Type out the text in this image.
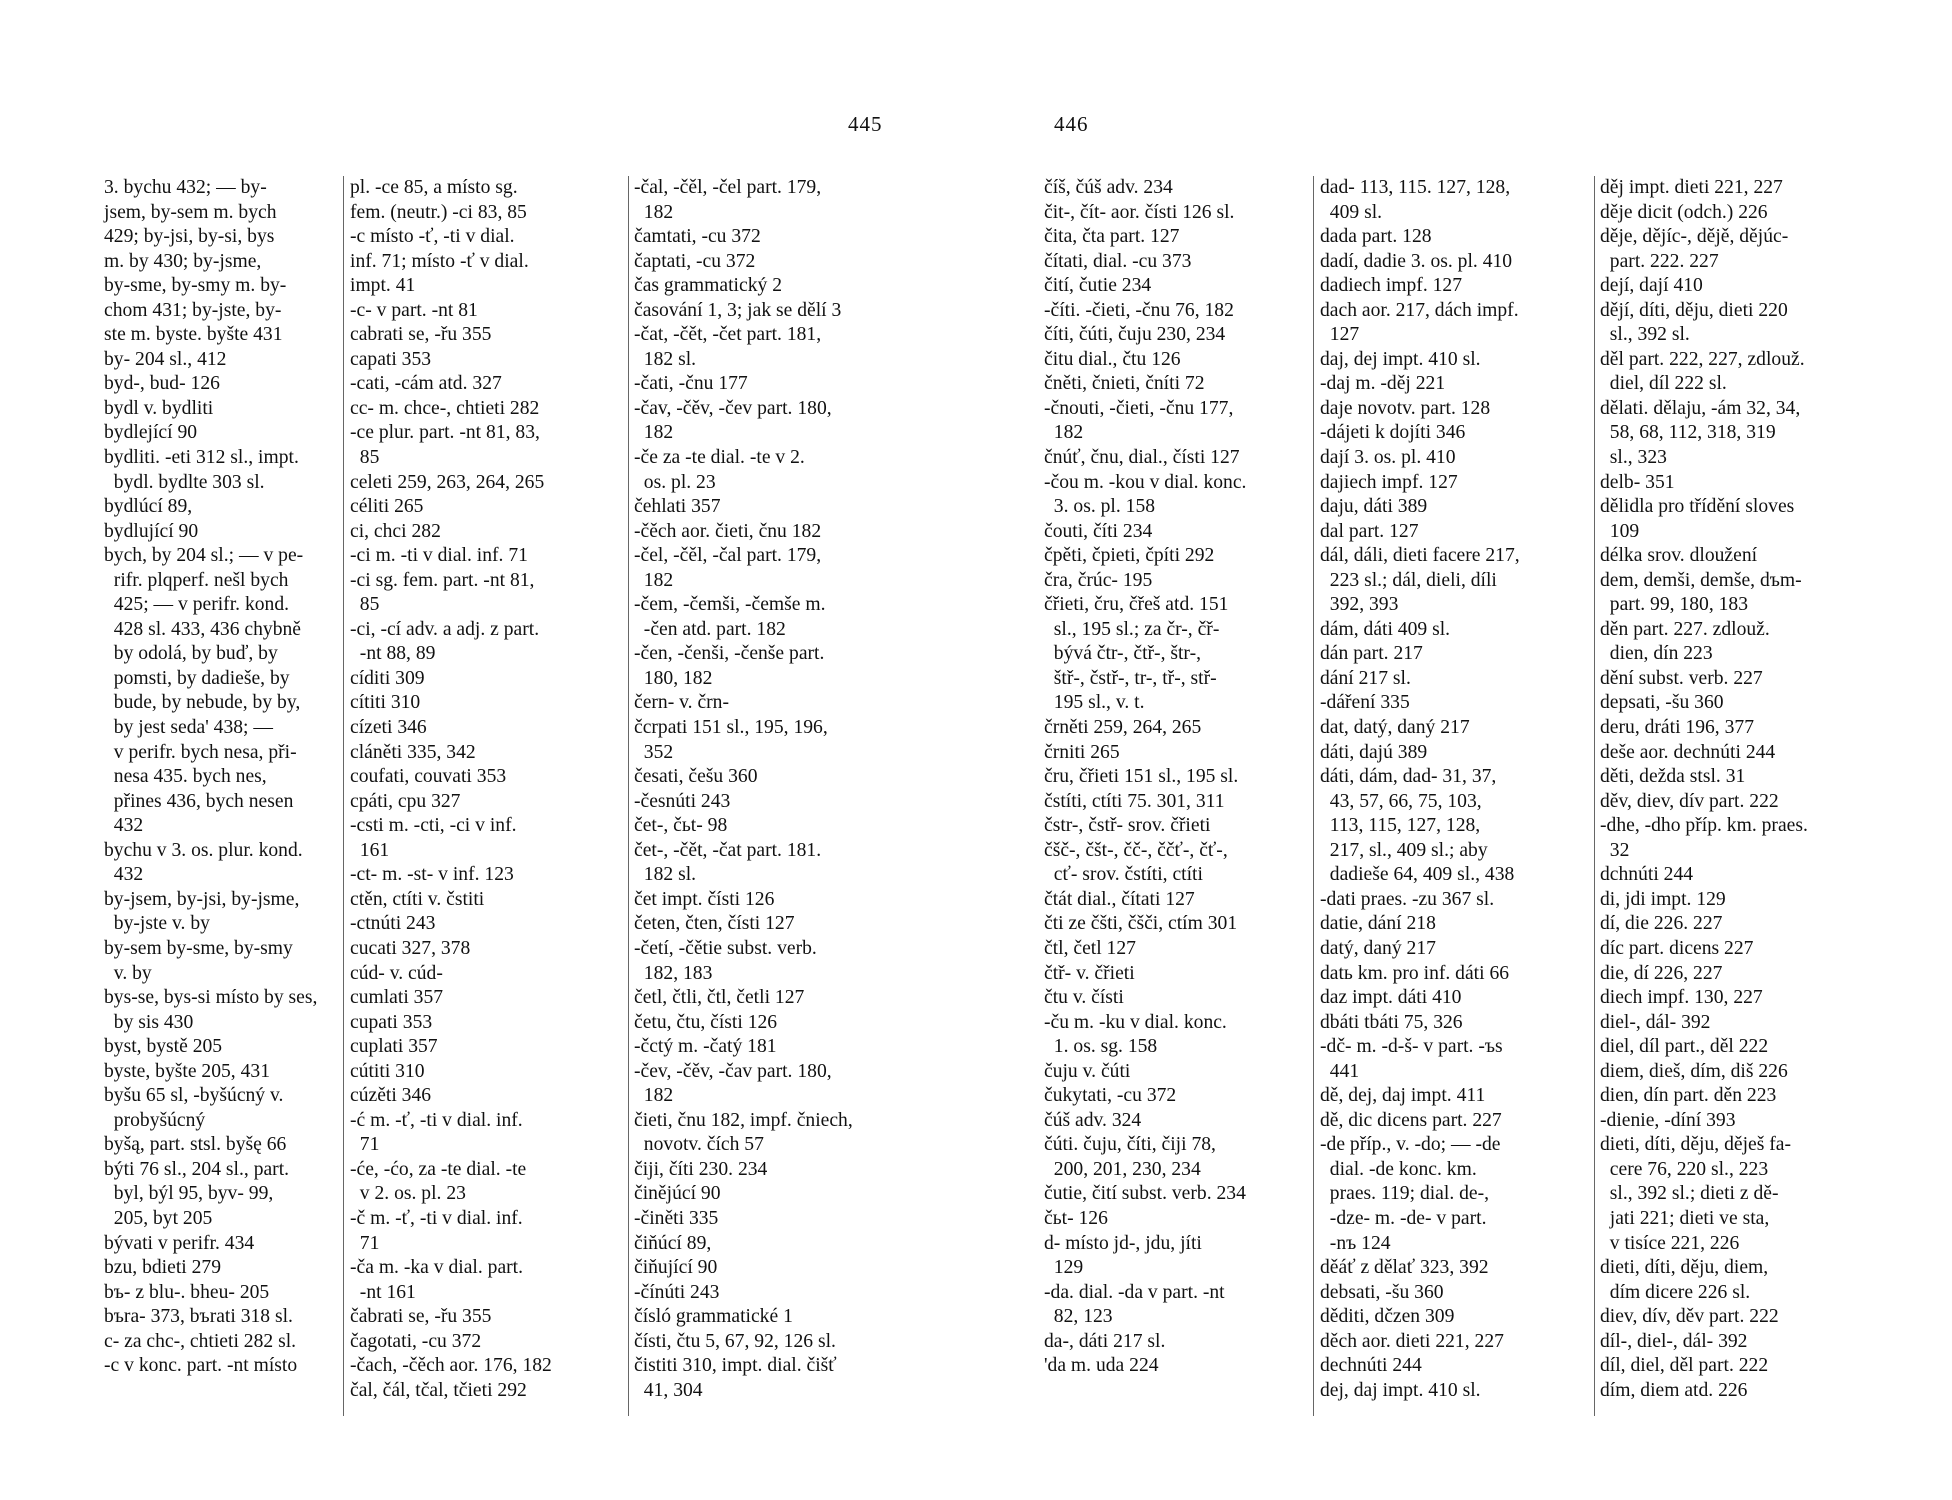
445	446
3. bychu 432; — by-
jsem, by-sem m. bych
429; by-jsi, by-si, bys
m. by 430; by-jsme,
by-sme, by-smy m. by-
chom 431; by-jste, by-
ste m. byste. byšte 431
by- 204 sl., 412
byd-, bud- 126
bydl v. bydliti
bydlející 90
bydliti. -eti 312 sl., impt.
bydl. bydlte 303 sl.
bydlúcí 89,
bydlující 90
bych, by 204 sl.; — v pe-
rifr. plqperf. nešl bych
425; — v perifr. kond.
428 sl. 433, 436 chybně
by odolá, by buď, by
pomsti, by dadieše, by
bude, by nebude, by by,
by jest seda' 438; —
v perifr. bych nesa, při-
nesa 435. bych nes,
přines 436, bych nesen
432
bychu v 3. os. plur. kond.
432
by-jsem, by-jsi, by-jsme,
by-jste v. by
by-sem by-sme, by-smy
v. by
bys-se, bys-si místo by ses,
by sis 430
byst, bystě 205
byste, byšte 205, 431
byšu 65 sl, -byšúcný v.
probyšúcný
byšą, part. stsl. byšę 66
býti 76 sl., 204 sl., part.
byl, býl 95, byv- 99,
205, byt 205
bývati v perifr. 434
bzu, bdieti 279
bъ- z blu-. bheu- 205
bъra- 373, bъrati 318 sl.
c- za chc-, chtieti 282 sl.
-c v konc. part. -nt místo
pl. -ce 85, a místo sg.
fem. (neutr.) -ci 83, 85
-c místo -ť, -ti v dial.
inf. 71; místo -ť v dial.
impt. 41
-c- v part. -nt 81
cabrati se, -řu 355
capati 353
-cati, -cám atd. 327
cc- m. chce-, chtieti 282
-ce plur. part. -nt 81, 83,
85
celeti 259, 263, 264, 265
céliti 265
ci, chci 282
-ci m. -ti v dial. inf. 71
-ci sg. fem. part. -nt 81,
85
-ci, -cí adv. a adj. z part.
-nt 88, 89
cíditi 309
cítiti 310
cízeti 346
cláněti 335, 342
coufati, couvati 353
cpáti, cpu 327
-csti m. -cti, -ci v inf.
161
-ct- m. -st- v inf. 123
ctěn, ctíti v. čstiti
-ctnúti 243
cucati 327, 378
cúd- v. cúd-
cumlati 357
cupati 353
cuplati 357
cútiti 310
cúzěti 346
-ć m. -ť, -ti v dial. inf.
71
-će, -ćo, za -te dial. -te
v 2. os. pl. 23
-č m. -ť, -ti v dial. inf.
71
-ča m. -ka v dial. part.
-nt 161
čabrati se, -řu 355
čagotati, -cu 372
-čach, -čěch aor. 176, 182
čal, čál, tčal, tčieti 292
-čal, -čěl, -čel part. 179,
182
čamtati, -cu 372
čaptati, -cu 372
čas grammatický 2
časování 1, 3; jak se dělí 3
-čat, -čět, -čet part. 181,
182 sl.
-čati, -čnu 177
-čav, -čěv, -čev part. 180,
182
-če za -te dial. -te v 2.
os. pl. 23
čehlati 357
-čěch aor. čieti, čnu 182
-čel, -čěl, -čal part. 179,
182
-čem, -čemši, -čemše m.
-čen atd. part. 182
-čen, -čenši, -čenše part.
180, 182
čern- v. črn-
čcrpati 151 sl., 195, 196,
352
česati, češu 360
-česnúti 243
čet-, čьt- 98
čet-, -čět, -čat part. 181.
182 sl.
čet impt. čísti 126
četen, čten, čísti 127
-četí, -čětie subst. verb.
182, 183
četl, čtli, čtl, četli 127
četu, čtu, čísti 126
-čctý m. -čatý 181
-čev, -čěv, -čav part. 180,
182
čieti, čnu 182, impf. čniech,
novotv. čích 57
čiji, číti 230. 234
činějúcí 90
-činěti 335
čiňúcí 89,
čiňující 90
-čínúti 243
čísló grammatické 1
čísti, čtu 5, 67, 92, 126 sl.
čistiti 310, impt. dial. čišť
41, 304
číš, čúš adv. 234
čit-, čít- aor. čísti 126 sl.
čita, čta part. 127
čítati, dial. -cu 373
čití, čutie 234
-číti. -čieti, -čnu 76, 182
číti, čúti, čuju 230, 234
čitu dial., čtu 126
čněti, čnieti, čníti 72
-čnouti, -čieti, -čnu 177,
182
čnúť, čnu, dial., čísti 127
-čou m. -kou v dial. konc.
3. os. pl. 158
čouti, číti 234
čpěti, čpieti, čpíti 292
čra, črúc- 195
čřieti, čru, čřeš atd. 151
sl., 195 sl.; za čr-, čř-
bývá čtr-, čtř-, štr-,
štř-, čstř-, tr-, tř-, stř-
195 sl., v. t.
črněti 259, 264, 265
črniti 265
čru, čřieti 151 sl., 195 sl.
čstíti, ctíti 75. 301, 311
čstr-, čstř- srov. čřieti
čšč-, čšt-, čč-, ččť-, čť-,
cť- srov. čstíti, ctíti
čtát dial., čítati 127
čti ze čšti, čšči, ctím 301
čtl, četl 127
čtř- v. čřieti
čtu v. čísti
-ču m. -ku v dial. konc.
1. os. sg. 158
čuju v. čúti
čukytati, -cu 372
čúš adv. 324
čúti. čuju, číti, čiji 78,
200, 201, 230, 234
čutie, čití subst. verb. 234
čьt- 126
d- místo jd-, jdu, jíti
129
-da. dial. -da v part. -nt
82, 123
da-, dáti 217 sl.
'da m. uda 224
dad- 113, 115. 127, 128,
409 sl.
dada part. 128
dadí, dadie 3. os. pl. 410
dadiech impf. 127
dach aor. 217, dách impf.
127
daj, dej impt. 410 sl.
-daj m. -děj 221
daje novotv. part. 128
-dájeti k dojíti 346
dají 3. os. pl. 410
dajiech impf. 127
daju, dáti 389
dal part. 127
dál, dáli, dieti facere 217,
223 sl.; dál, dieli, díli
392, 393
dám, dáti 409 sl.
dán part. 217
dání 217 sl.
-dáření 335
dat, datý, daný 217
dáti, dajú 389
dáti, dám, dad- 31, 37,
43, 57, 66, 75, 103,
113, 115, 127, 128,
217, sl., 409 sl.; aby
dadieše 64, 409 sl., 438
-dati praes. -zu 367 sl.
datie, dání 218
datý, daný 217
datь km. pro inf. dáti 66
daz impt. dáti 410
dbáti tbáti 75, 326
-dč- m. -d-š- v part. -ъs
441
dě, dej, daj impt. 411
dě, dic dicens part. 227
-de příp., v. -do; — -de
dial. -de konc. km.
praes. 119; dial. de-,
-dze- m. -de- v part.
-nъ 124
děáť z dělať 323, 392
debsati, -šu 360
děditi, dčzen 309
děch aor. dieti 221, 227
dechnúti 244
dej, daj impt. 410 sl.
děj impt. dieti 221, 227
děje dicit (odch.) 226
děje, dějíc-, dějě, dějúc-
part. 222. 227
dejí, dají 410
dějí, díti, děju, dieti 220
sl., 392 sl.
děl part. 222, 227, zdlouž.
diel, díl 222 sl.
dělati. dělaju, -ám 32, 34,
58, 68, 112, 318, 319
sl., 323
delb- 351
dělidla pro třídění sloves
109
délka srov. dloužení
dem, demši, demše, dъm-
part. 99, 180, 183
děn part. 227. zdlouž.
dien, dín 223
dění subst. verb. 227
depsati, -šu 360
deru, dráti 196, 377
deše aor. dechnúti 244
děti, dežda stsl. 31
děv, diev, dív part. 222
-dhe, -dho příp. km. praes.
32
dchnúti 244
di, jdi impt. 129
dí, die 226. 227
díc part. dicens 227
die, dí 226, 227
diech impf. 130, 227
diel-, dál- 392
diel, díl part., děl 222
diem, dieš, dím, diš 226
dien, dín part. děn 223
-dienie, -díní 393
dieti, díti, děju, děješ fa-
cere 76, 220 sl., 223
sl., 392 sl.; dieti z dě-
jati 221; dieti ve sta,
v tisíce 221, 226
dieti, díti, děju, diem,
dím dicere 226 sl.
diev, dív, děv part. 222
díl-, diel-, dál- 392
díl, diel, děl part. 222
dím, diem atd. 226
